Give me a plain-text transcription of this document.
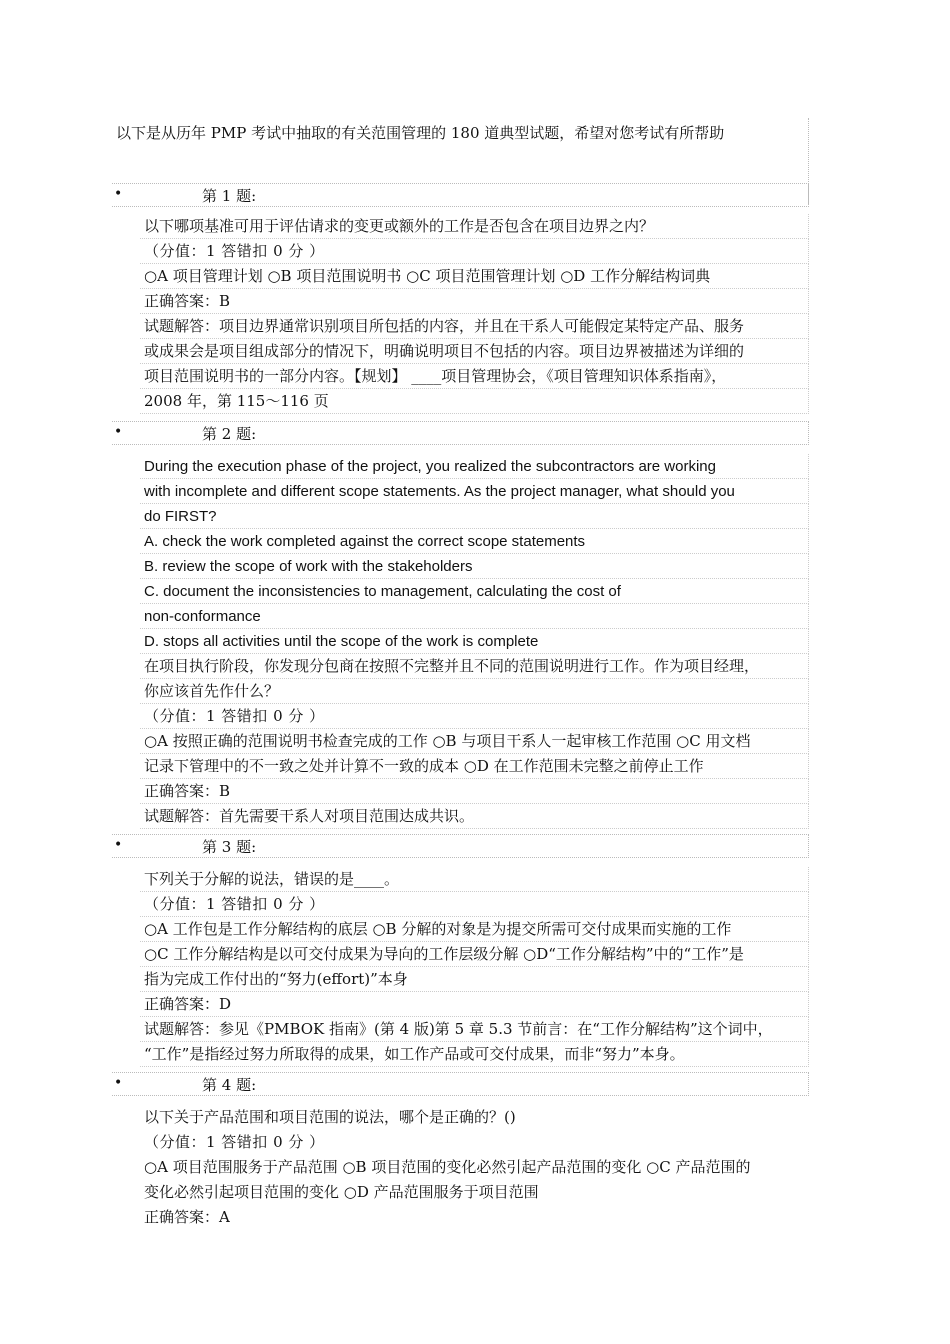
以下是从历年 PMP 考试中抽取的有关范围管理的 180 道典型试题，希望对您考试有所帮助
•	第 1 题:
以下哪项基准可用于评估请求的变更或额外的工作是否包含在项目边界之内？
（分值：1 答错扣 0 分 ）
○A 项目管理计划 ○B 项目范围说明书 ○C 项目范围管理计划 ○D 工作分解结构词典
正确答案：B
试题解答：项目边界通常识别项目所包括的内容，并且在干系人可能假定某特定产品、服务
或成果会是项目组成部分的情况下，明确说明项目不包括的内容。项目边界被描述为详细的
项目范围说明书的一部分内容。【规划】 ____项目管理协会，《项目管理知识体系指南》，
2008 年，第 115～116 页
•	第 2 题:
During the execution phase of the project, you realized the subcontractors are working
with incomplete and different scope statements. As the project manager, what should you
do FIRST?
A. check the work completed against the correct scope statements
B. review the scope of work with the stakeholders
C. document the inconsistencies to management, calculating the cost of
non-conformance
D. stops all activities until the scope of the work is complete
在项目执行阶段，你发现分包商在按照不完整并且不同的范围说明进行工作。作为项目经理，
你应该首先作什么？
（分值：1 答错扣 0 分 ）
○A 按照正确的范围说明书检查完成的工作 ○B 与项目干系人一起审核工作范围 ○C 用文档
记录下管理中的不一致之处并计算不一致的成本 ○D 在工作范围未完整之前停止工作
正确答案：B
试题解答：首先需要干系人对项目范围达成共识。
•	第 3 题:
下列关于分解的说法，错误的是____。
（分值：1 答错扣 0 分 ）
○A 工作包是工作分解结构的底层 ○B 分解的对象是为提交所需可交付成果而实施的工作
○C 工作分解结构是以可交付成果为导向的工作层级分解 ○D“工作分解结构”中的“工作”是
指为完成工作付出的“努力(effort)”本身
正确答案：D
试题解答：参见《PMBOK 指南》(第 4 版)第 5 章 5.3 节前言：在“工作分解结构”这个词中，
“工作”是指经过努力所取得的成果，如工作产品或可交付成果，而非“努力”本身。
•	第 4 题:
以下关于产品范围和项目范围的说法，哪个是正确的？()
（分值：1 答错扣 0 分 ）
○A 项目范围服务于产品范围 ○B 项目范围的变化必然引起产品范围的变化 ○C 产品范围的
变化必然引起项目范围的变化 ○D 产品范围服务于项目范围
正确答案：A
